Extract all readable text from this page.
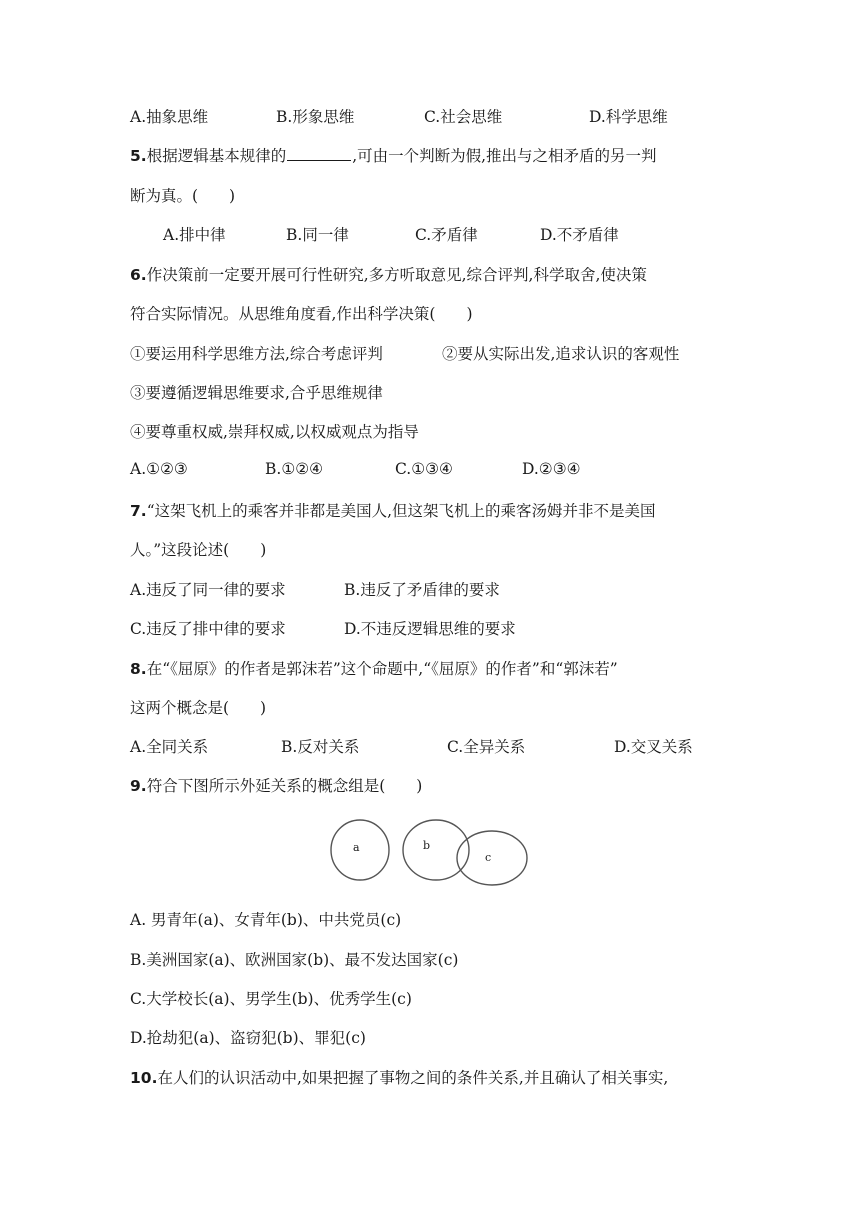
A.抽象思维	B.形象思维	C.社会思维	D.科学思维
5.根据逻辑基本规律的	,可由一个判断为假,推出与之相矛盾的另一判
断为真。(　　)
A.排中律	B.同一律	C.矛盾律	D.不矛盾律
6.作决策前一定要开展可行性研究,多方听取意见,综合评判,科学取舍,使决策
符合实际情况。从思维角度看,作出科学决策(　　)
①要运用科学思维方法,综合考虑评判	②要从实际出发,追求认识的客观性
③要遵循逻辑思维要求,合乎思维规律
④要尊重权威,崇拜权威,以权威观点为指导
A.①②③	B.①②④	C.①③④	D.②③④
7.“这架飞机上的乘客并非都是美国人,但这架飞机上的乘客汤姆并非不是美国
人。”这段论述(　　)
A.违反了同一律的要求	B.违反了矛盾律的要求
C.违反了排中律的要求	D.不违反逻辑思维的要求
8.在“《屈原》的作者是郭沫若”这个命题中,“《屈原》的作者”和“郭沫若”
这两个概念是(　　)
A.全同关系	B.反对关系	C.全异关系	D.交叉关系
9.符合下图所示外延关系的概念组是(　　)
a	b
c
A. 男青年(a)、女青年(b)、中共党员(c)
B.美洲国家(a)、欧洲国家(b)、最不发达国家(c)
C.大学校长(a)、男学生(b)、优秀学生(c)
D.抢劫犯(a)、盗窃犯(b)、罪犯(c)
10.在人们的认识活动中,如果把握了事物之间的条件关系,并且确认了相关事实,
